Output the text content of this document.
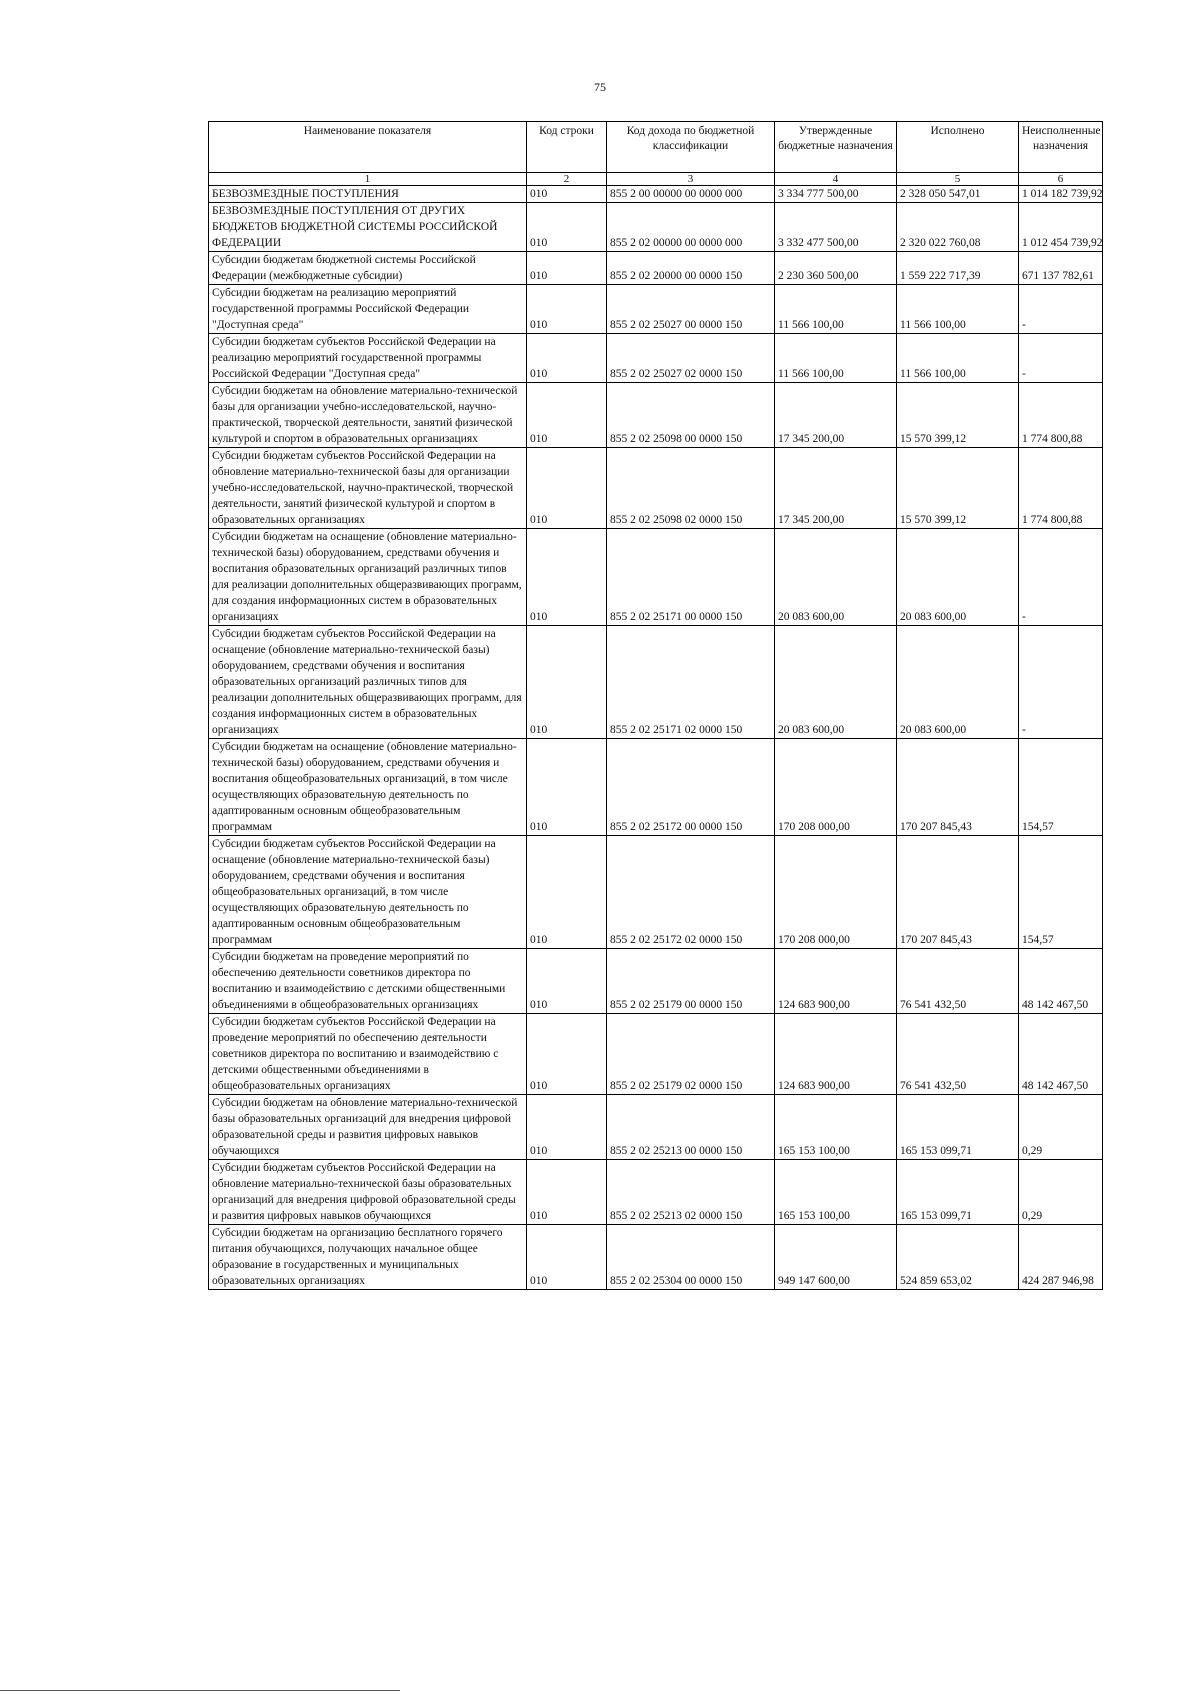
75
Наименование показателя	Код строки	Код дохода по бюджетной классификации	Утвержденные бюджетные назначения	Исполнено	Неисполненные назначения
1	2	3	4	5	6

БЕЗВОЗМЕЗДНЫЕ ПОСТУПЛЕНИЯ	010	855 2 00 00000 00 0000 000	3 334 777 500,00	2 328 050 547,01	1 014 182 739,92

БЕЗВОЗМЕЗДНЫЕ ПОСТУПЛЕНИЯ ОТ ДРУГИХ БЮДЖЕТОВ БЮДЖЕТНОЙ СИСТЕМЫ РОССИЙСКОЙ ФЕДЕРАЦИИ	010	855 2 02 00000 00 0000 000	3 332 477 500,00	2 320 022 760,08	1 012 454 739,92

Субсидии бюджетам бюджетной системы Российской Федерации (межбюджетные субсидии)	010	855 2 02 20000 00 0000 150	2 230 360 500,00	1 559 222 717,39	671 137 782,61

Субсидии бюджетам на реализацию мероприятий государственной программы Российской Федерации "Доступная среда"	010	855 2 02 25027 00 0000 150	11 566 100,00	11 566 100,00	-

Субсидии бюджетам субъектов Российской Федерации на реализацию мероприятий государственной программы Российской Федерации "Доступная среда"	010	855 2 02 25027 02 0000 150	11 566 100,00	11 566 100,00	-

Субсидии бюджетам на обновление материально-технической базы для организации учебно-исследовательской, научно-практической, творческой деятельности, занятий физической культурой и спортом в образовательных организациях	010	855 2 02 25098 00 0000 150	17 345 200,00	15 570 399,12	1 774 800,88

Субсидии бюджетам субъектов Российской Федерации на обновление материально-технической базы для организации учебно-исследовательской, научно-практической, творческой деятельности, занятий физической культурой и спортом в образовательных организациях	010	855 2 02 25098 02 0000 150	17 345 200,00	15 570 399,12	1 774 800,88

Субсидии бюджетам на оснащение (обновление материально-технической базы) оборудованием, средствами обучения и воспитания образовательных организаций различных типов для реализации дополнительных общеразвивающих программ, для создания информационных систем в образовательных организациях	010	855 2 02 25171 00 0000 150	20 083 600,00	20 083 600,00	-

Субсидии бюджетам субъектов Российской Федерации на оснащение (обновление материально-технической базы) оборудованием, средствами обучения и воспитания образовательных организаций различных типов для реализации дополнительных общеразвивающих программ, для создания информационных систем в образовательных организациях	010	855 2 02 25171 02 0000 150	20 083 600,00	20 083 600,00	-

Субсидии бюджетам на оснащение (обновление материально-технической базы) оборудованием, средствами обучения и воспитания общеобразовательных организаций, в том числе осуществляющих образовательную деятельность по адаптированным основным общеобразовательным программам	010	855 2 02 25172 00 0000 150	170 208 000,00	170 207 845,43	154,57

Субсидии бюджетам субъектов Российской Федерации на оснащение (обновление материально-технической базы) оборудованием, средствами обучения и воспитания общеобразовательных организаций, в том числе осуществляющих образовательную деятельность по адаптированным основным общеобразовательным программам	010	855 2 02 25172 02 0000 150	170 208 000,00	170 207 845,43	154,57

Субсидии бюджетам на проведение мероприятий по обеспечению деятельности советников директора по воспитанию и взаимодействию с детскими общественными объединениями в общеобразовательных организациях	010	855 2 02 25179 00 0000 150	124 683 900,00	76 541 432,50	48 142 467,50

Субсидии бюджетам субъектов Российской Федерации на проведение мероприятий по обеспечению деятельности советников директора по воспитанию и взаимодействию с детскими общественными объединениями в общеобразовательных организациях	010	855 2 02 25179 02 0000 150	124 683 900,00	76 541 432,50	48 142 467,50

Субсидии бюджетам на обновление материально-технической базы образовательных организаций для внедрения цифровой образовательной среды и развития цифровых навыков обучающихся	010	855 2 02 25213 00 0000 150	165 153 100,00	165 153 099,71	0,29

Субсидии бюджетам субъектов Российской Федерации на обновление материально-технической базы образовательных организаций для внедрения цифровой образовательной среды и развития цифровых навыков обучающихся	010	855 2 02 25213 02 0000 150	165 153 100,00	165 153 099,71	0,29

Субсидии бюджетам на организацию бесплатного горячего питания обучающихся, получающих начальное общее образование в государственных и муниципальных образовательных организациях	010	855 2 02 25304 00 0000 150	949 147 600,00	524 859 653,02	424 287 946,98
